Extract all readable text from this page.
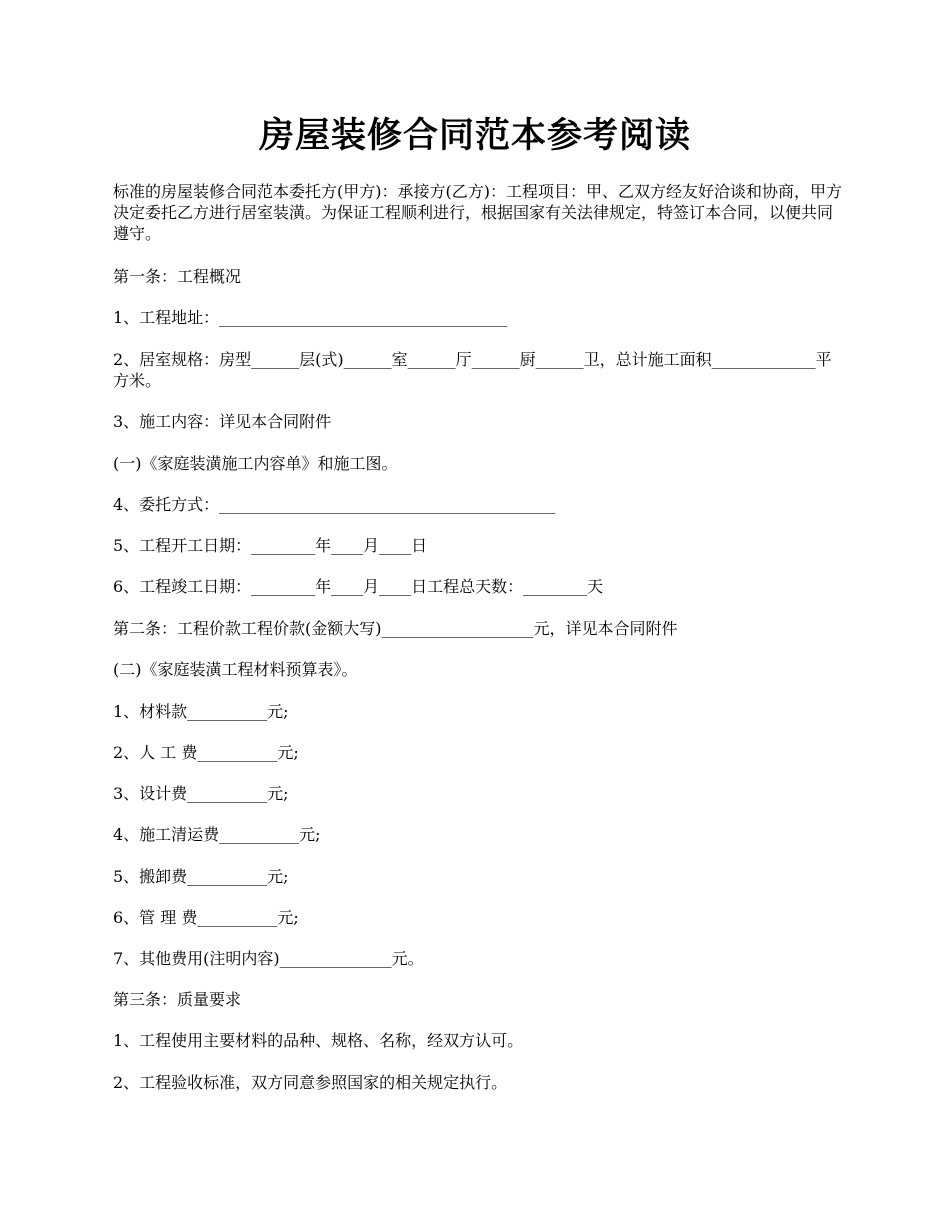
房屋装修合同范本参考阅读
标准的房屋装修合同范本委托方(甲方)：承接方(乙方)：工程项目：甲、乙双方经友好洽谈和协商，甲方决定委托乙方进行居室装潢。为保证工程顺利进行，根据国家有关法律规定，特签订本合同，以便共同遵守。
第一条：工程概况
1、工程地址：____________________________________
2、居室规格：房型______层(式)______室______厅______厨______卫，总计施工面积_____________平方米。
3、施工内容：详见本合同附件
(一)《家庭装潢施工内容单》和施工图。
4、委托方式：__________________________________________
5、工程开工日期：________年____月____日
6、工程竣工日期：________年____月____日工程总天数：________天
第二条：工程价款工程价款(金额大写)___________________元，详见本合同附件
(二)《家庭装潢工程材料预算表》。
1、材料款__________元;
2、人 工 费__________元;
3、设计费__________元;
4、施工清运费__________元;
5、搬卸费__________元;
6、管 理 费__________元;
7、其他费用(注明内容)______________元。
第三条：质量要求
1、工程使用主要材料的品种、规格、名称，经双方认可。
2、工程验收标准，双方同意参照国家的相关规定执行。
